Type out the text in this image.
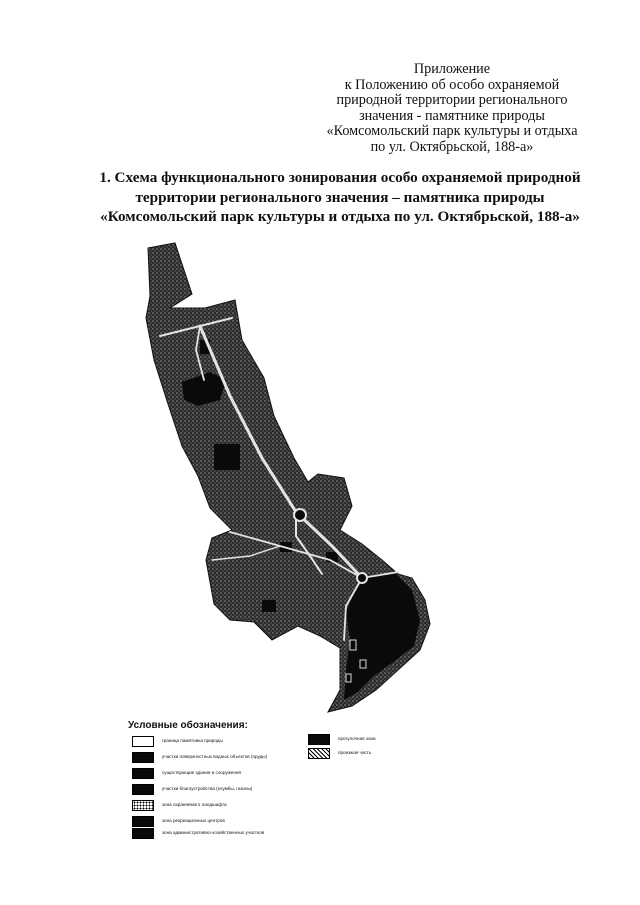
Приложение
к Положению об особо охраняемой
природной территории регионального
значения - памятнике природы
«Комсомольский парк культуры и отдыха
по ул. Октябрьской, 188-а»
1. Схема функционального зонирования особо охраняемой природной
территории регионального значения – памятника природы
«Комсомольский парк культуры и отдыха по ул. Октябрьской, 188-а»
Условные обозначения:
граница памятника природы
участки поверхностных водных объектов (пруды)
существующие здания и сооружения
участки благоустройства (клумбы, газоны)
зона охраняемого ландшафта
зона рекреационных центров
зона административно-хозяйственных участков
прогулочная зона
проезжая часть
